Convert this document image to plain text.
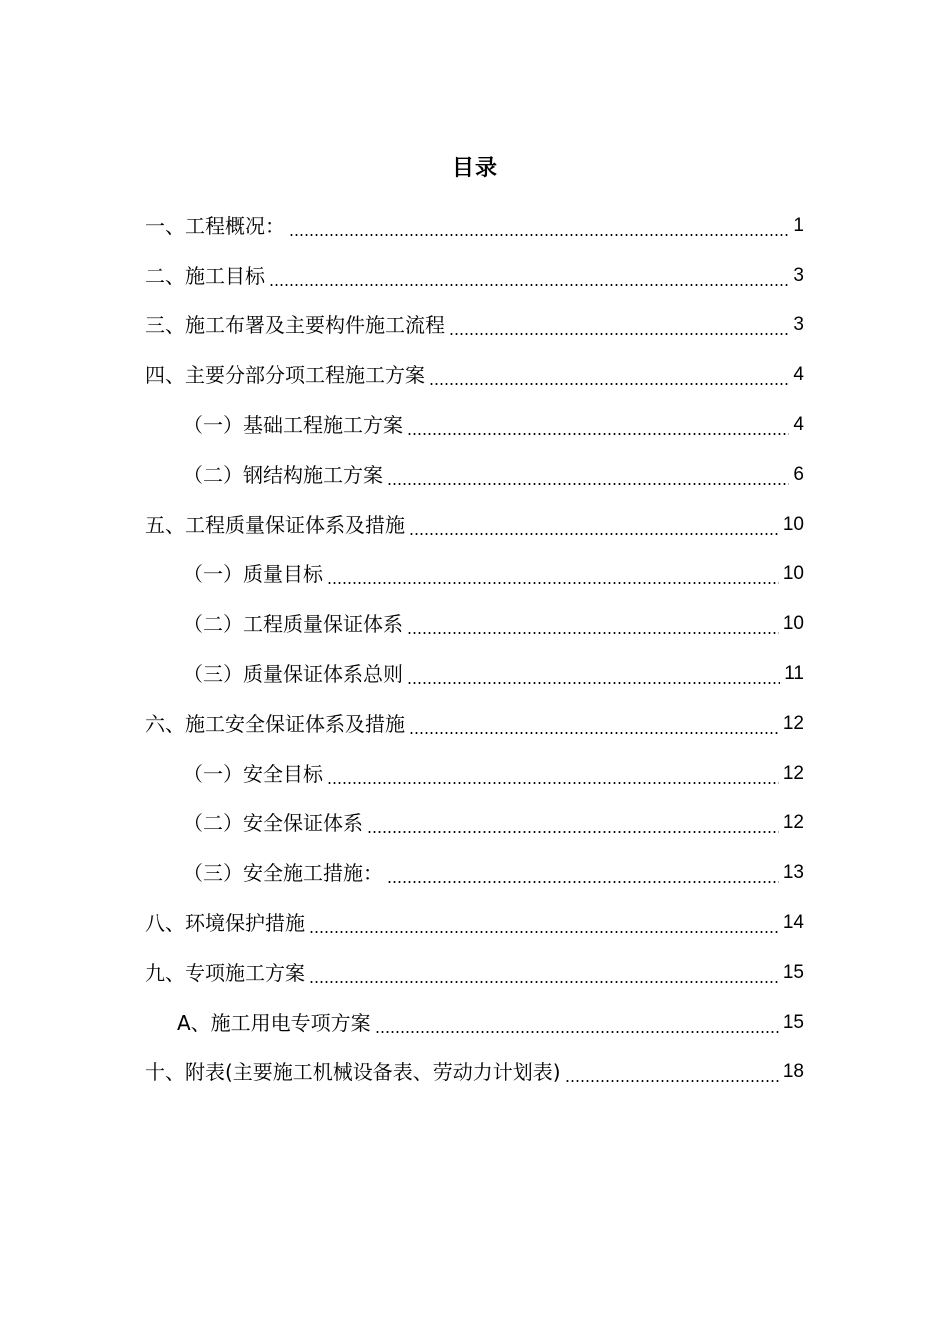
目录
一、工程概况：	1
二、施工目标	3
三、施工布署及主要构件施工流程	3
四、主要分部分项工程施工方案	4
（一）基础工程施工方案	4
（二）钢结构施工方案	6
五、工程质量保证体系及措施	10
（一）质量目标	10
（二）工程质量保证体系	10
（三）质量保证体系总则	11
六、施工安全保证体系及措施	12
（一）安全目标	12
（二）安全保证体系	12
（三）安全施工措施：	13
八、环境保护措施	14
九、专项施工方案	15
A、施工用电专项方案	15
十、附表(主要施工机械设备表、劳动力计划表)	18
